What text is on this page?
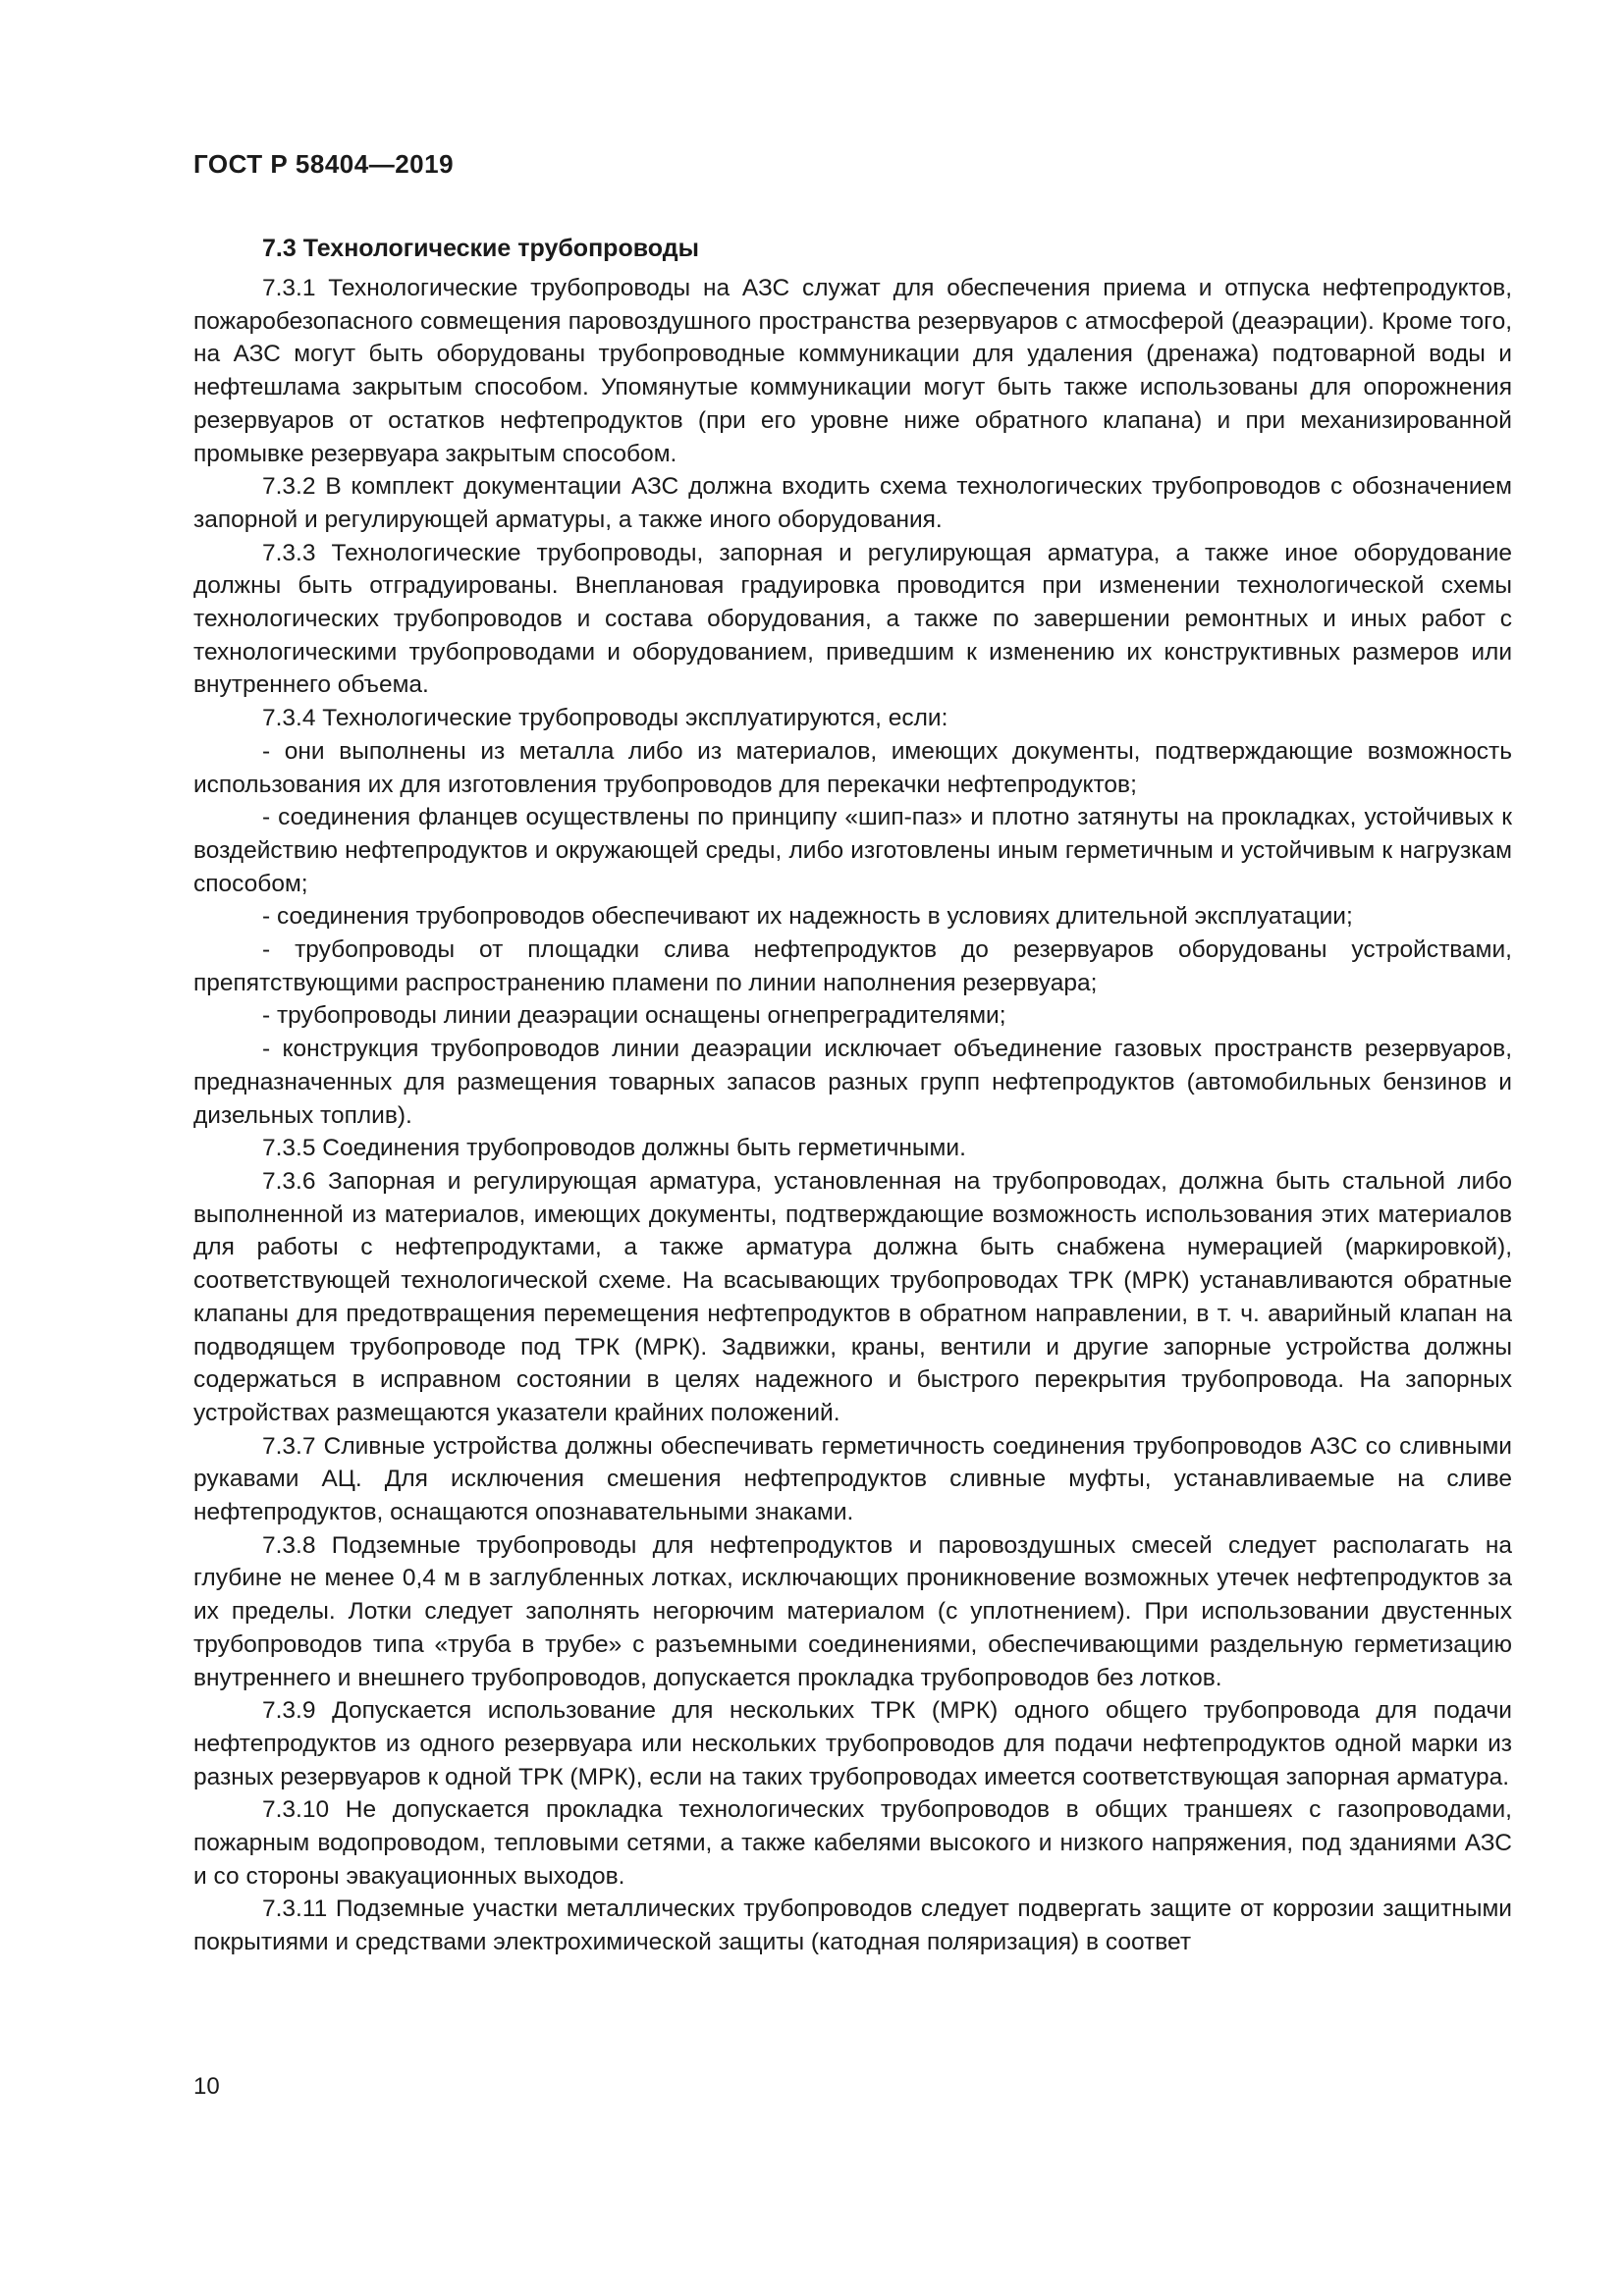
ГОСТ Р 58404—2019
7.3 Технологические трубопроводы

7.3.1 Технологические трубопроводы на АЗС служат для обеспечения приема и отпуска нефтепродуктов, пожаробезопасного совмещения паровоздушного пространства резервуаров с атмосферой (деаэрации). Кроме того, на АЗС могут быть оборудованы трубопроводные коммуникации для удаления (дренажа) подтоварной воды и нефтешлама закрытым способом. Упомянутые коммуникации могут быть также использованы для опорожнения резервуаров от остатков нефтепродуктов (при его уровне ниже обратного клапана) и при механизированной промывке резервуара закрытым способом.

7.3.2 В комплект документации АЗС должна входить схема технологических трубопроводов с обозначением запорной и регулирующей арматуры, а также иного оборудования.

7.3.3 Технологические трубопроводы, запорная и регулирующая арматура, а также иное оборудование должны быть отградуированы. Внеплановая градуировка проводится при изменении технологической схемы технологических трубопроводов и состава оборудования, а также по завершении ремонтных и иных работ с технологическими трубопроводами и оборудованием, приведшим к изменению их конструктивных размеров или внутреннего объема.

7.3.4 Технологические трубопроводы эксплуатируются, если:

- они выполнены из металла либо из материалов, имеющих документы, подтверждающие возможность использования их для изготовления трубопроводов для перекачки нефтепродуктов;

- соединения фланцев осуществлены по принципу «шип-паз» и плотно затянуты на прокладках, устойчивых к воздействию нефтепродуктов и окружающей среды, либо изготовлены иным герметичным и устойчивым к нагрузкам способом;

- соединения трубопроводов обеспечивают их надежность в условиях длительной эксплуатации;

- трубопроводы от площадки слива нефтепродуктов до резервуаров оборудованы устройствами, препятствующими распространению пламени по линии наполнения резервуара;

- трубопроводы линии деаэрации оснащены огнепреградителями;

- конструкция трубопроводов линии деаэрации исключает объединение газовых пространств резервуаров, предназначенных для размещения товарных запасов разных групп нефтепродуктов (автомобильных бензинов и дизельных топлив).

7.3.5 Соединения трубопроводов должны быть герметичными.

7.3.6 Запорная и регулирующая арматура, установленная на трубопроводах, должна быть стальной либо выполненной из материалов, имеющих документы, подтверждающие возможность использования этих материалов для работы с нефтепродуктами, а также арматура должна быть снабжена нумерацией (маркировкой), соответствующей технологической схеме. На всасывающих трубопроводах ТРК (МРК) устанавливаются обратные клапаны для предотвращения перемещения нефтепродуктов в обратном направлении, в т. ч. аварийный клапан на подводящем трубопроводе под ТРК (МРК). Задвижки, краны, вентили и другие запорные устройства должны содержаться в исправном состоянии в целях надежного и быстрого перекрытия трубопровода. На запорных устройствах размещаются указатели крайних положений.

7.3.7 Сливные устройства должны обеспечивать герметичность соединения трубопроводов АЗС со сливными рукавами АЦ. Для исключения смешения нефтепродуктов сливные муфты, устанавливаемые на сливе нефтепродуктов, оснащаются опознавательными знаками.

7.3.8 Подземные трубопроводы для нефтепродуктов и паровоздушных смесей следует располагать на глубине не менее 0,4 м в заглубленных лотках, исключающих проникновение возможных утечек нефтепродуктов за их пределы. Лотки следует заполнять негорючим материалом (с уплотнением). При использовании двустенных трубопроводов типа «труба в трубе» с разъемными соединениями, обеспечивающими раздельную герметизацию внутреннего и внешнего трубопроводов, допускается прокладка трубопроводов без лотков.

7.3.9 Допускается использование для нескольких ТРК (МРК) одного общего трубопровода для подачи нефтепродуктов из одного резервуара или нескольких трубопроводов для подачи нефтепродуктов одной марки из разных резервуаров к одной ТРК (МРК), если на таких трубопроводах имеется соответствующая запорная арматура.

7.3.10 Не допускается прокладка технологических трубопроводов в общих траншеях с газопроводами, пожарным водопроводом, тепловыми сетями, а также кабелями высокого и низкого напряжения, под зданиями АЗС и со стороны эвакуационных выходов.

7.3.11 Подземные участки металлических трубопроводов следует подвергать защите от коррозии защитными покрытиями и средствами электрохимической защиты (катодная поляризация) в соответ

10
